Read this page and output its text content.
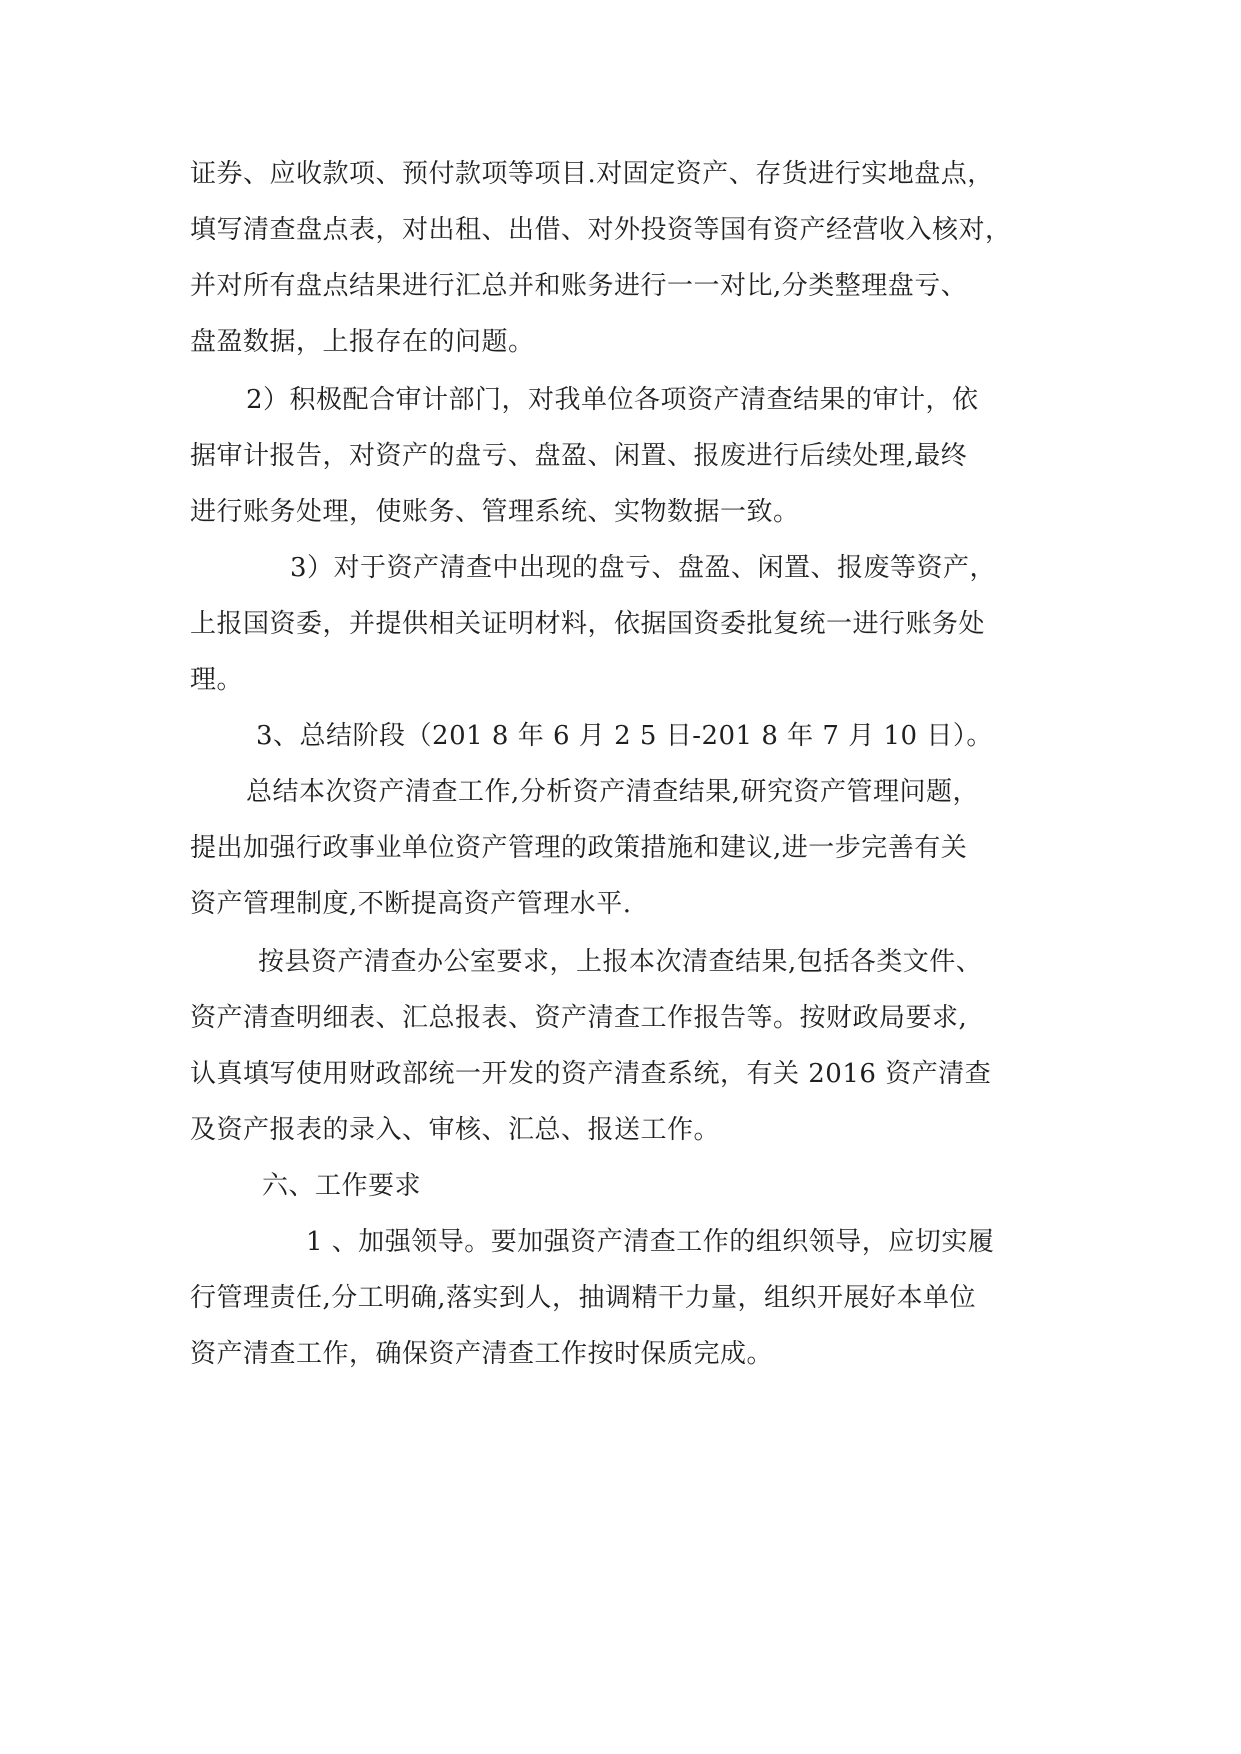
证券、应收款项、预付款项等项目.对固定资产、存货进行实地盘点，
填写清查盘点表，对出租、出借、对外投资等国有资产经营收入核对，
并对所有盘点结果进行汇总并和账务进行一一对比,分类整理盘亏、
盘盈数据，上报存在的问题。
2）积极配合审计部门，对我单位各项资产清查结果的审计，依
据审计报告，对资产的盘亏、盘盈、闲置、报废进行后续处理,最终
进行账务处理，使账务、管理系统、实物数据一致。
3）对于资产清查中出现的盘亏、盘盈、闲置、报废等资产，
上报国资委，并提供相关证明材料，依据国资委批复统一进行账务处
理。
3、总结阶段（201 8 年 6 月 2 5 日-201 8 年 7 月 10 日）。
总结本次资产清查工作,分析资产清查结果,研究资产管理问题，
提出加强行政事业单位资产管理的政策措施和建议,进一步完善有关
资产管理制度,不断提高资产管理水平.
按县资产清查办公室要求，上报本次清查结果,包括各类文件、
资产清查明细表、汇总报表、资产清查工作报告等。按财政局要求,
认真填写使用财政部统一开发的资产清查系统，有关 2016 资产清查
及资产报表的录入、审核、汇总、报送工作。
六、工作要求
1 、加强领导。要加强资产清查工作的组织领导，应切实履
行管理责任,分工明确,落实到人，抽调精干力量，组织开展好本单位
资产清查工作，确保资产清查工作按时保质完成。
